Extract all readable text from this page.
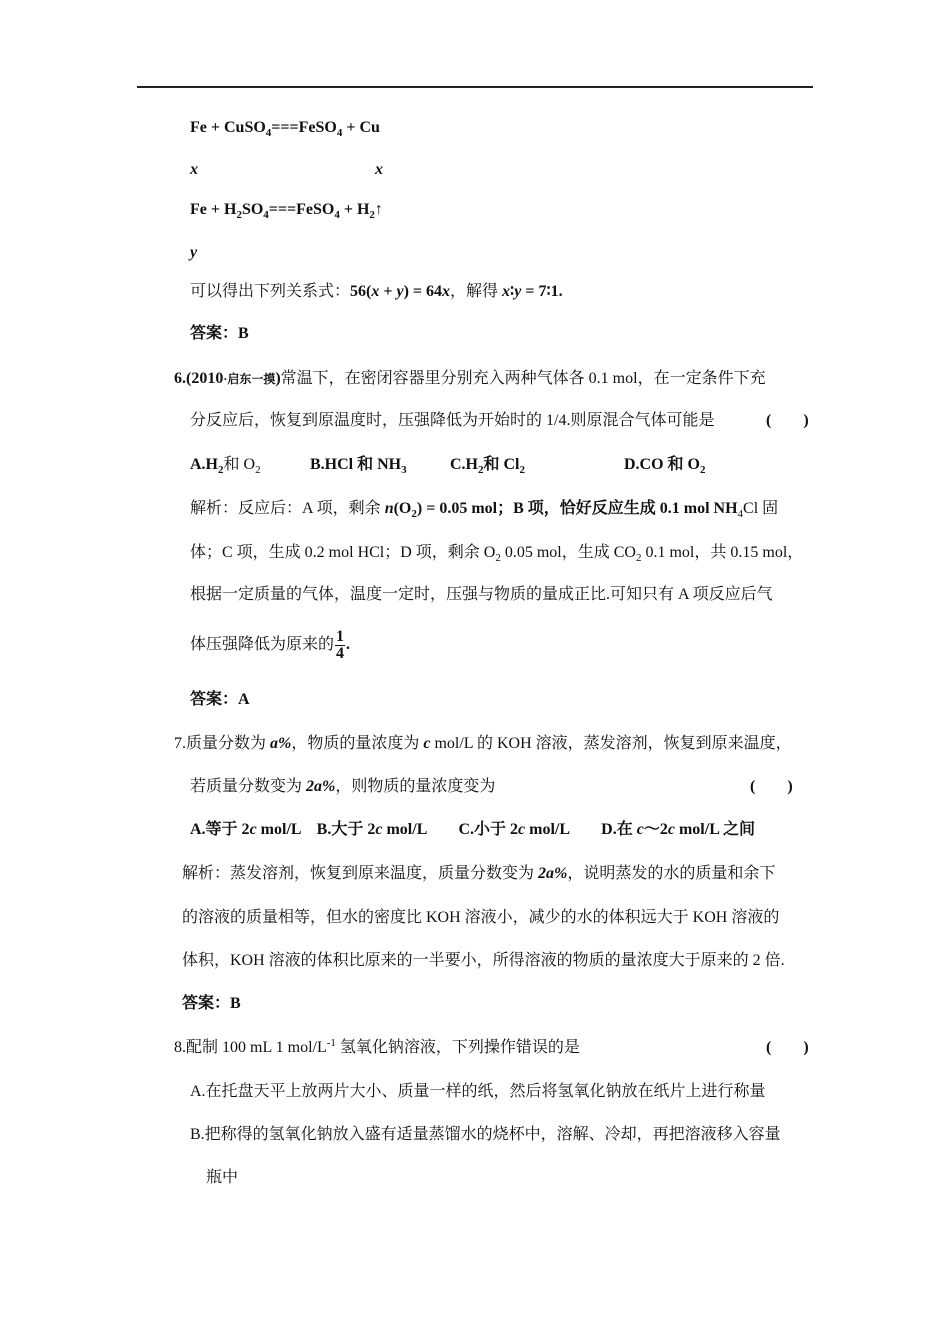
Fe + CuSO$_4$===FeSO$_4$ + Cu
x	x
$Fe + H_2SO_4===FeSO_4$ + $H_2↑$
y
可以得出下列关系式：56(x + y) = 64x，解得 x∶y = 7∶1.
答案：B
6.(2010·启东一摸)常温下，在密闭容器里分别充入两种气体各 0.1 mol，在一定条件下充
分反应后，恢复到原温度时，压强降低为开始时的 1/4.则原混合气体可能是	(　　)
$A.H_2$和 $O_2$	B.HCl 和 $NH_3$	$C.H_2$和 $Cl_2$	D.CO 和 $O_2$
解析：反应后：A 项，剩余 $n(O_2) = 0.05$ mol；B 项，恰好反应生成 0.1 mol $NH_4Cl$ 固
体；C 项，生成 0.2 mol HCl；D 项，剩余 $O_2$ 0.05 mol，生成 $CO_2$ 0.1 mol，共 0.15 mol，
根据一定质量的气体，温度一定时，压强与物质的量成正比.可知只有 A 项反应后气
体压强降低为原来的 $\frac{1}{4}$ .
答案：A
7.质量分数为 a%，物质的量浓度为 c mol/L 的 KOH 溶液，蒸发溶剂，恢复到原来温度，
若质量分数变为 2a%，则物质的量浓度变为	(　　)
A.等于 2c mol/L　B.大于 2c mol/L　　C.小于 2c mol/L　　D.在 c～2c mol/L 之间
解析：蒸发溶剂，恢复到原来温度，质量分数变为 2a%，说明蒸发的水的质量和余下
的溶液的质量相等，但水的密度比 KOH 溶液小，减少的水的体积远大于 KOH 溶液的
体积，KOH 溶液的体积比原来的一半要小，所得溶液的物质的量浓度大于原来的 2 倍.
答案：B
8.配制 100 mL 1 mol/$L^{-1}$ 氢氧化钠溶液，下列操作错误的是	(　　)
A.在托盘天平上放两片大小、质量一样的纸，然后将氢氧化钠放在纸片上进行称量
B.把称得的氢氧化钠放入盛有适量蒸馏水的烧杯中，溶解、冷却，再把溶液移入容量
瓶中
